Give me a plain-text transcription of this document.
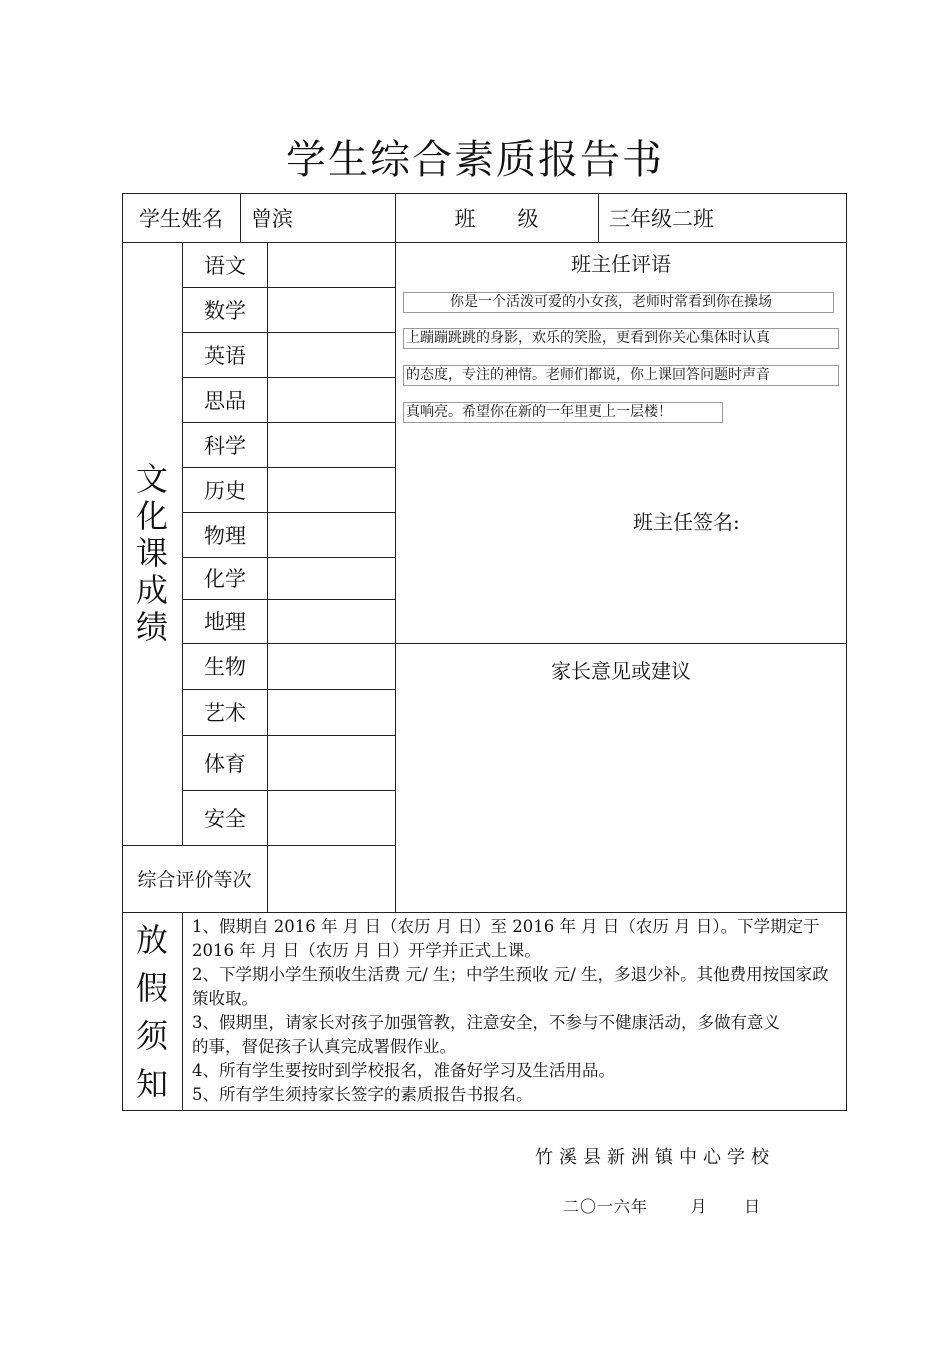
学生综合素质报告书
学生姓名	曾滨	班　　级	三年级二班
文化课成绩
语文
数学
英语
思品
科学
历史
物理
化学
地理
生物
艺术
体育
安全
综合评价等次
班主任评语
你是一个活泼可爱的小女孩，老师时常看到你在操场
上蹦蹦跳跳的身影，欢乐的笑脸，更看到你关心集体时认真
的态度，专注的神情。老师们都说，你上课回答问题时声音
真响亮。希望你在新的一年里更上一层楼！
班主任签名:
家长意见或建议
放假须知

1、假期自 2016 年 月 日（农历 月 日）至 2016 年 月 日（农历 月 日）。下学期定于 2016 年 月 日（农历 月 日）开学并正式上课。

2、下学期小学生预收生活费 元/ 生；中学生预收 元/ 生，多退少补。其他费用按国家政策收取。

3、假期里，请家长对孩子加强管教，注意安全，不参与不健康活动，多做有意义的事，督促孩子认真完成署假作业。

4、所有学生要按时到学校报名，准备好学习及生活用品。

5、所有学生须持家长签字的素质报告书报名。

竹溪县新洲镇中心学校
二〇一六年       月      日
